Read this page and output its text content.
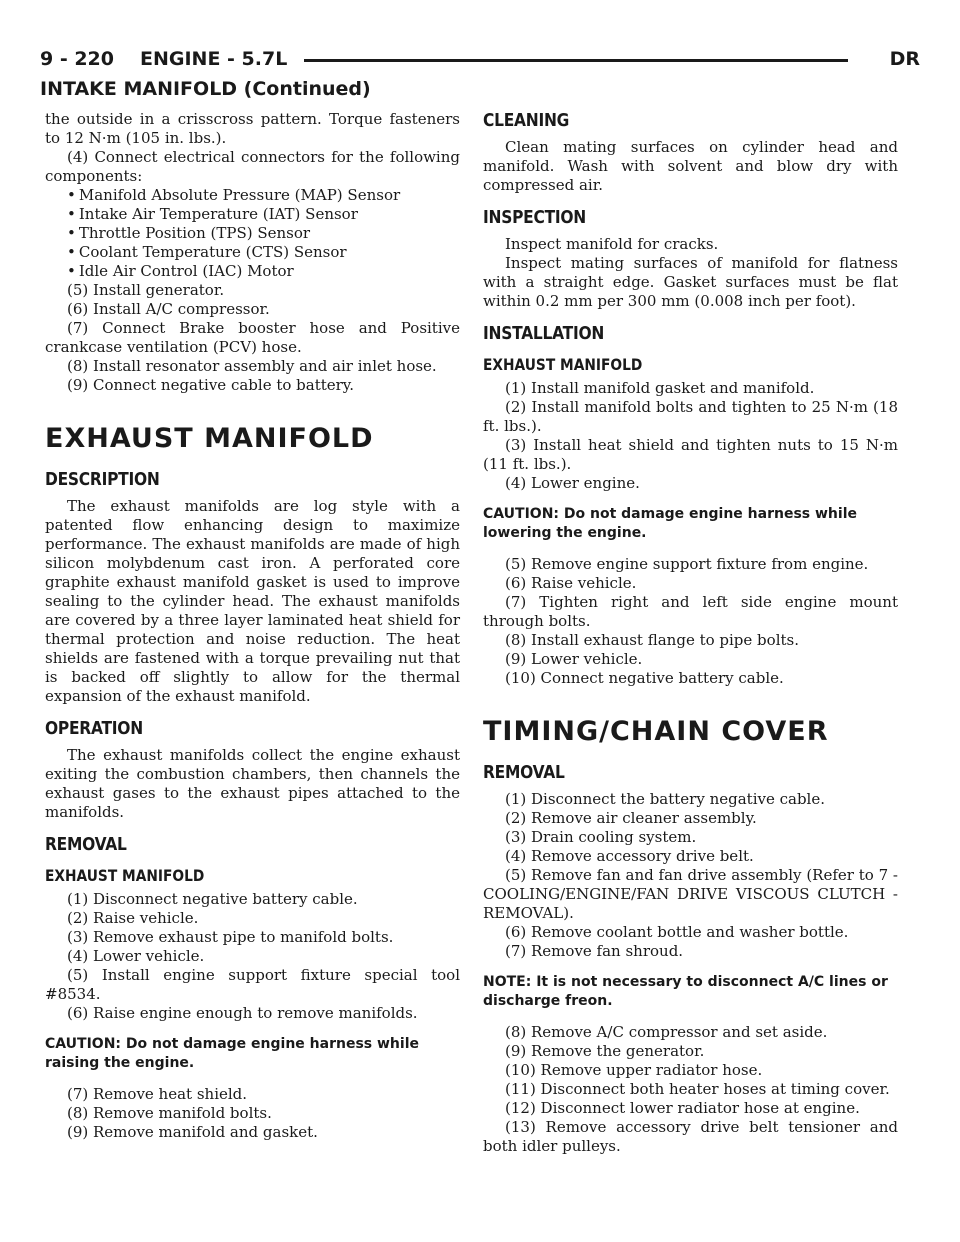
9 - 220 ENGINE - 5.7L	DR
INTAKE MANIFOLD (Continued)

the outside in a crisscross pattern. Torque fasteners to 12 N·m (105 in. lbs.).

(4) Connect electrical connectors for the following components:

• Manifold Absolute Pressure (MAP) Sensor

• Intake Air Temperature (IAT) Sensor

• Throttle Position (TPS) Sensor

• Coolant Temperature (CTS) Sensor

• Idle Air Control (IAC) Motor

(5) Install generator.

(6) Install A/C compressor.

(7) Connect Brake booster hose and Positive crankcase ventilation (PCV) hose.

(8) Install resonator assembly and air inlet hose.

(9) Connect negative cable to battery.

EXHAUST MANIFOLD
DESCRIPTION

The exhaust manifolds are log style with a patented flow enhancing design to maximize performance. The exhaust manifolds are made of high silicon molybdenum cast iron. A perforated core graphite exhaust manifold gasket is used to improve sealing to the cylinder head. The exhaust manifolds are covered by a three layer laminated heat shield for thermal protection and noise reduction. The heat shields are fastened with a torque prevailing nut that is backed off slightly to allow for the thermal expansion of the exhaust manifold.

OPERATION

The exhaust manifolds collect the engine exhaust exiting the combustion chambers, then channels the exhaust gases to the exhaust pipes attached to the manifolds.

REMOVAL
EXHAUST MANIFOLD

(1) Disconnect negative battery cable.

(2) Raise vehicle.

(3) Remove exhaust pipe to manifold bolts.

(4) Lower vehicle.

(5) Install engine support fixture special tool #8534.

(6) Raise engine enough to remove manifolds.

CAUTION: Do not damage engine harness while raising the engine.

(7) Remove heat shield.

(8) Remove manifold bolts.

(9) Remove manifold and gasket.

CLEANING

Clean mating surfaces on cylinder head and manifold. Wash with solvent and blow dry with compressed air.

INSPECTION

Inspect manifold for cracks.

Inspect mating surfaces of manifold for flatness with a straight edge. Gasket surfaces must be flat within 0.2 mm per 300 mm (0.008 inch per foot).

INSTALLATION
EXHAUST MANIFOLD

(1) Install manifold gasket and manifold.

(2) Install manifold bolts and tighten to 25 N·m (18 ft. lbs.).

(3) Install heat shield and tighten nuts to 15 N·m (11 ft. lbs.).

(4) Lower engine.

CAUTION: Do not damage engine harness while lowering the engine.

(5) Remove engine support fixture from engine.

(6) Raise vehicle.

(7) Tighten right and left side engine mount through bolts.

(8) Install exhaust flange to pipe bolts.

(9) Lower vehicle.

(10) Connect negative battery cable.

TIMING/CHAIN COVER
REMOVAL

(1) Disconnect the battery negative cable.

(2) Remove air cleaner assembly.

(3) Drain cooling system.

(4) Remove accessory drive belt.

(5) Remove fan and fan drive assembly (Refer to 7 - COOLING/ENGINE/FAN DRIVE VISCOUS CLUTCH - REMOVAL).

(6) Remove coolant bottle and washer bottle.

(7) Remove fan shroud.

NOTE: It is not necessary to disconnect A/C lines or discharge freon.

(8) Remove A/C compressor and set aside.

(9) Remove the generator.

(10) Remove upper radiator hose.

(11) Disconnect both heater hoses at timing cover.

(12) Disconnect lower radiator hose at engine.

(13) Remove accessory drive belt tensioner and both idler pulleys.
